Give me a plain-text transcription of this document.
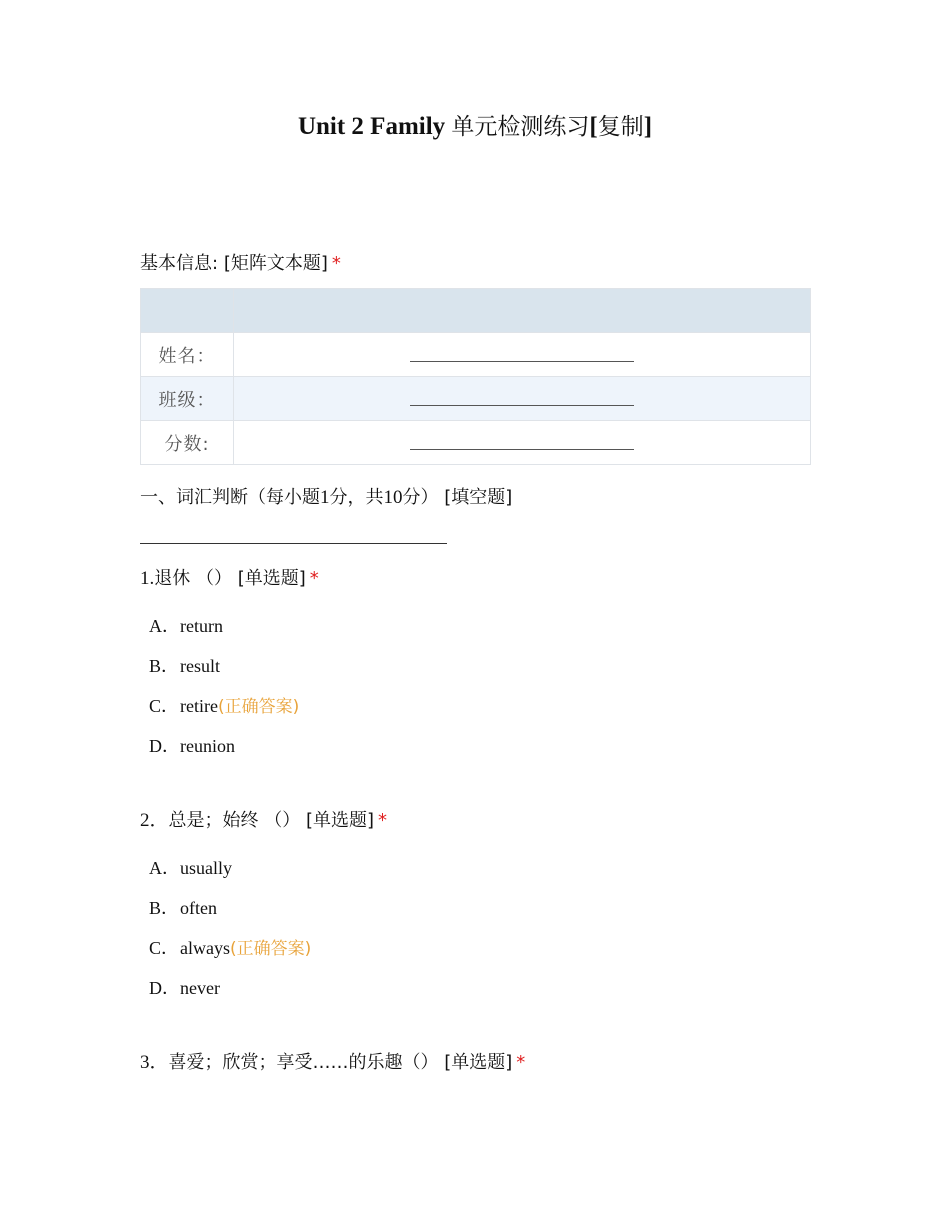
Unit 2 Family 单元检测练习[复制]
基本信息: [矩阵文本题] *

姓名：	
班级：	
分数:	
一、词汇判断（每小题1分，共10分） [填空题]
1.退休 （） [单选题] *
A．return
B．result
C．retire(正确答案)
D．reunion
2．总是；始终 （） [单选题] *
A．usually
B．often
C．always(正确答案)
D．never
3．喜爱；欣赏；享受……的乐趣（） [单选题] *
